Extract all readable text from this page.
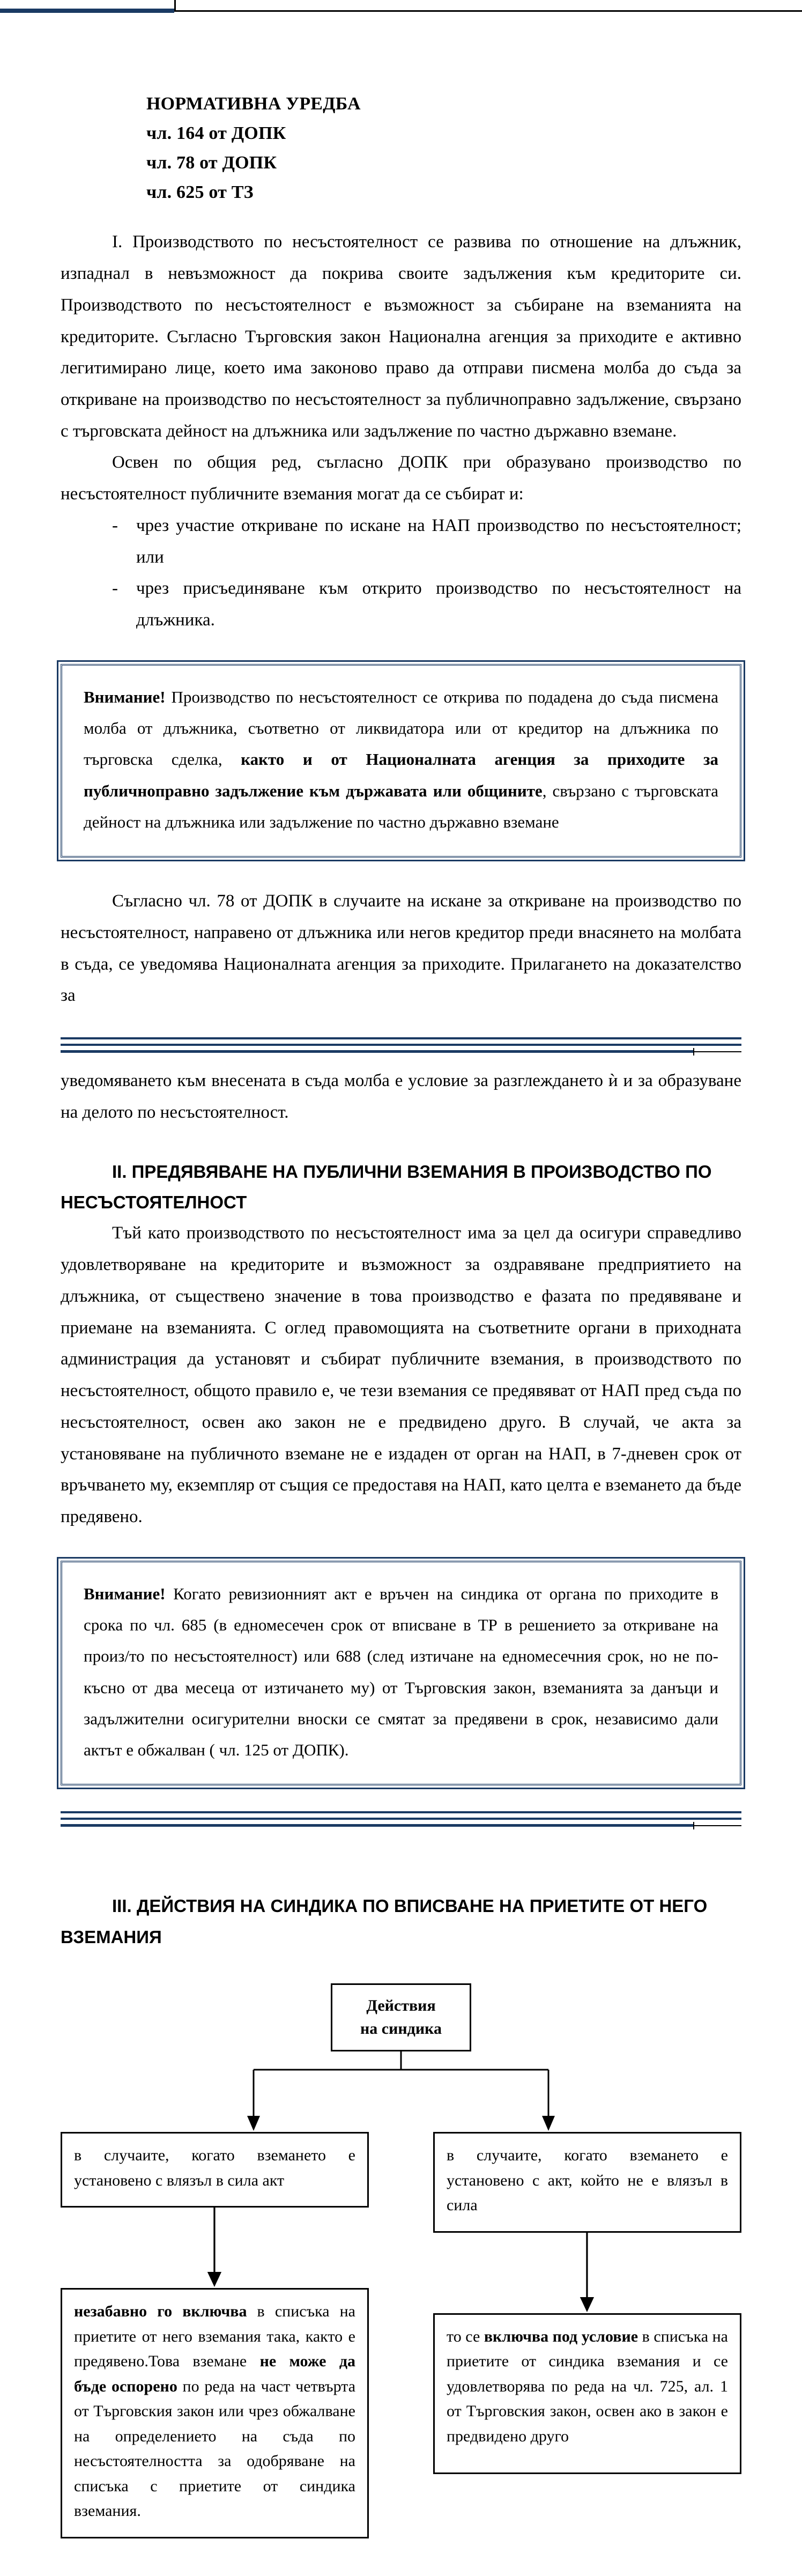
НОРМАТИВНА УРЕДБА
чл. 164 от ДОПК
чл. 78 от ДОПК
чл. 625 от ТЗ

I. Производството по несъстоятелност се развива по отношение на длъжник, изпаднал в невъзможност да покрива своите задължения към кредиторите си. Производството по несъстоятелност е възможност за събиране на вземанията на кредиторите. Съгласно Търговския закон Национална агенция за приходите е активно легитимирано лице, което има законово право да отправи писмена молба до съда за откриване на производство по несъстоятелност за публичноправно задължение, свързано с търговската дейност на длъжника или задължение по частно държавно вземане.

Освен по общия ред, съгласно ДОПК при образувано производство по несъстоятелност публичните вземания могат да се събират и:

- чрез участие откриване по искане на НАП производство по несъстоятелност; или
- чрез присъединяване към открито производство по несъстоятелност на длъжника.

Внимание! Производство по несъстоятелност се открива по подадена до съда писмена молба от длъжника, съответно от ликвидатора или от кредитор на длъжника по търговска сделка, както и от Националната агенция за приходите за публичноправно задължение към държавата или общините, свързано с търговската дейност на длъжника или задължение по частно държавно вземане

Съгласно чл. 78 от ДОПК в случаите на искане за откриване на производство по несъстоятелност, направено от длъжника или негов кредитор преди внасянето на молбата в съда, се уведомява Националната агенция за приходите. Прилагането на доказателство за

уведомяването към внесената в съда молба е условие за разглеждането ѝ и за образуване на делото по несъстоятелност.

II. ПРЕДЯВЯВАНЕ НА ПУБЛИЧНИ ВЗЕМАНИЯ В ПРОИЗВОДСТВО ПО
НЕСЪСТОЯТЕЛНОСТ

Тъй като производството по несъстоятелност има за цел да осигури справедливо удовлетворяване на кредиторите и възможност за оздравяване предприятието на длъжника, от съществено значение в това производство е фазата по предявяване и приемане на вземанията. С оглед правомощията на съответните органи в приходната администрация да установят и събират публичните вземания, в производството по несъстоятелност, общото правило е, че тези вземания се предявяват от НАП пред съда по несъстоятелност, освен ако закон не е предвидено друго. В случай, че акта за установяване на публичното вземане не е издаден от орган на НАП, в 7-дневен срок от връчването му, екземпляр от същия се предоставя на НАП, като целта е вземането да бъде предявено.

Внимание! Когато ревизионният акт е връчен на синдика от органа по приходите в срока по чл. 685 (в едномесечен срок от вписване в ТР в решението за откриване на произ/то по несъстоятелност) или 688 (след изтичане на едномесечния срок, но не по-късно от два месеца от изтичането му) от Търговския закон, вземанията за данъци и задължителни осигурителни вноски се смятат за предявени в срок, независимо дали актът е обжалван ( чл. 125 от ДОПК).

III. ДЕЙСТВИЯ НА СИНДИКА ПО ВПИСВАНЕ НА ПРИЕТИТЕ ОТ НЕГО
ВЗЕМАНИЯ
Действия
на синдика
в случаите, когато вземането е установено с влязъл в сила акт
незабавно го включва в списъка на приетите от него вземания така, както е предявено.Това вземане не може да бъде оспорено по реда на част четвърта от Търговския закон или чрез обжалване на определението на съда по несъстоятелността за одобряване на списъка с приетите от синдика вземания.
в случаите, когато вземането е установено с акт, който не е влязъл в сила
то се включва под условие в списъка на приетите от синдика вземания и се удовлетворява по реда на чл. 725, ал. 1 от Търговския закон, освен ако в закон е предвидено друго
